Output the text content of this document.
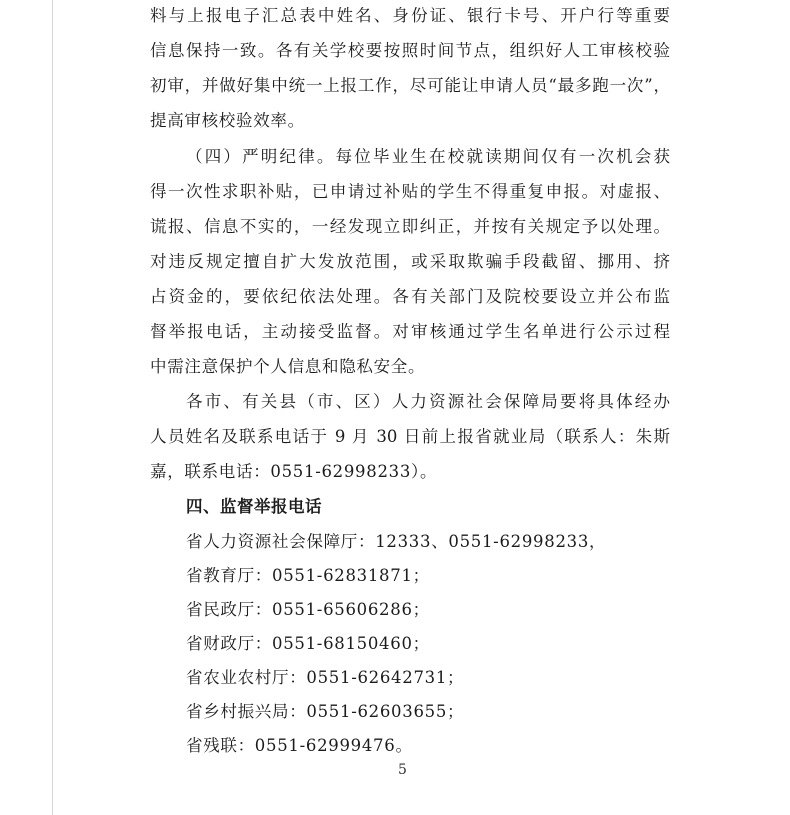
料与上报电子汇总表中姓名、身份证、银行卡号、开户行等重要
信息保持一致。各有关学校要按照时间节点，组织好人工审核校验
初审，并做好集中统一上报工作，尽可能让申请人员“最多跑一次”，
提高审核校验效率。
（四）严明纪律。每位毕业生在校就读期间仅有一次机会获
得一次性求职补贴，已申请过补贴的学生不得重复申报。对虚报、
谎报、信息不实的，一经发现立即纠正，并按有关规定予以处理。
对违反规定擅自扩大发放范围，或采取欺骗手段截留、挪用、挤
占资金的，要依纪依法处理。各有关部门及院校要设立并公布监
督举报电话，主动接受监督。对审核通过学生名单进行公示过程
中需注意保护个人信息和隐私安全。
各市、有关县（市、区）人力资源社会保障局要将具体经办
人员姓名及联系电话于 9 月 30 日前上报省就业局（联系人：朱斯
嘉，联系电话：0551-62998233）。
四、监督举报电话
省人力资源社会保障厅：12333、0551-62998233，
省教育厅：0551-62831871；
省民政厅：0551-65606286；
省财政厅：0551-68150460；
省农业农村厅：0551-62642731；
省乡村振兴局：0551-62603655；
省残联：0551-62999476。
5
